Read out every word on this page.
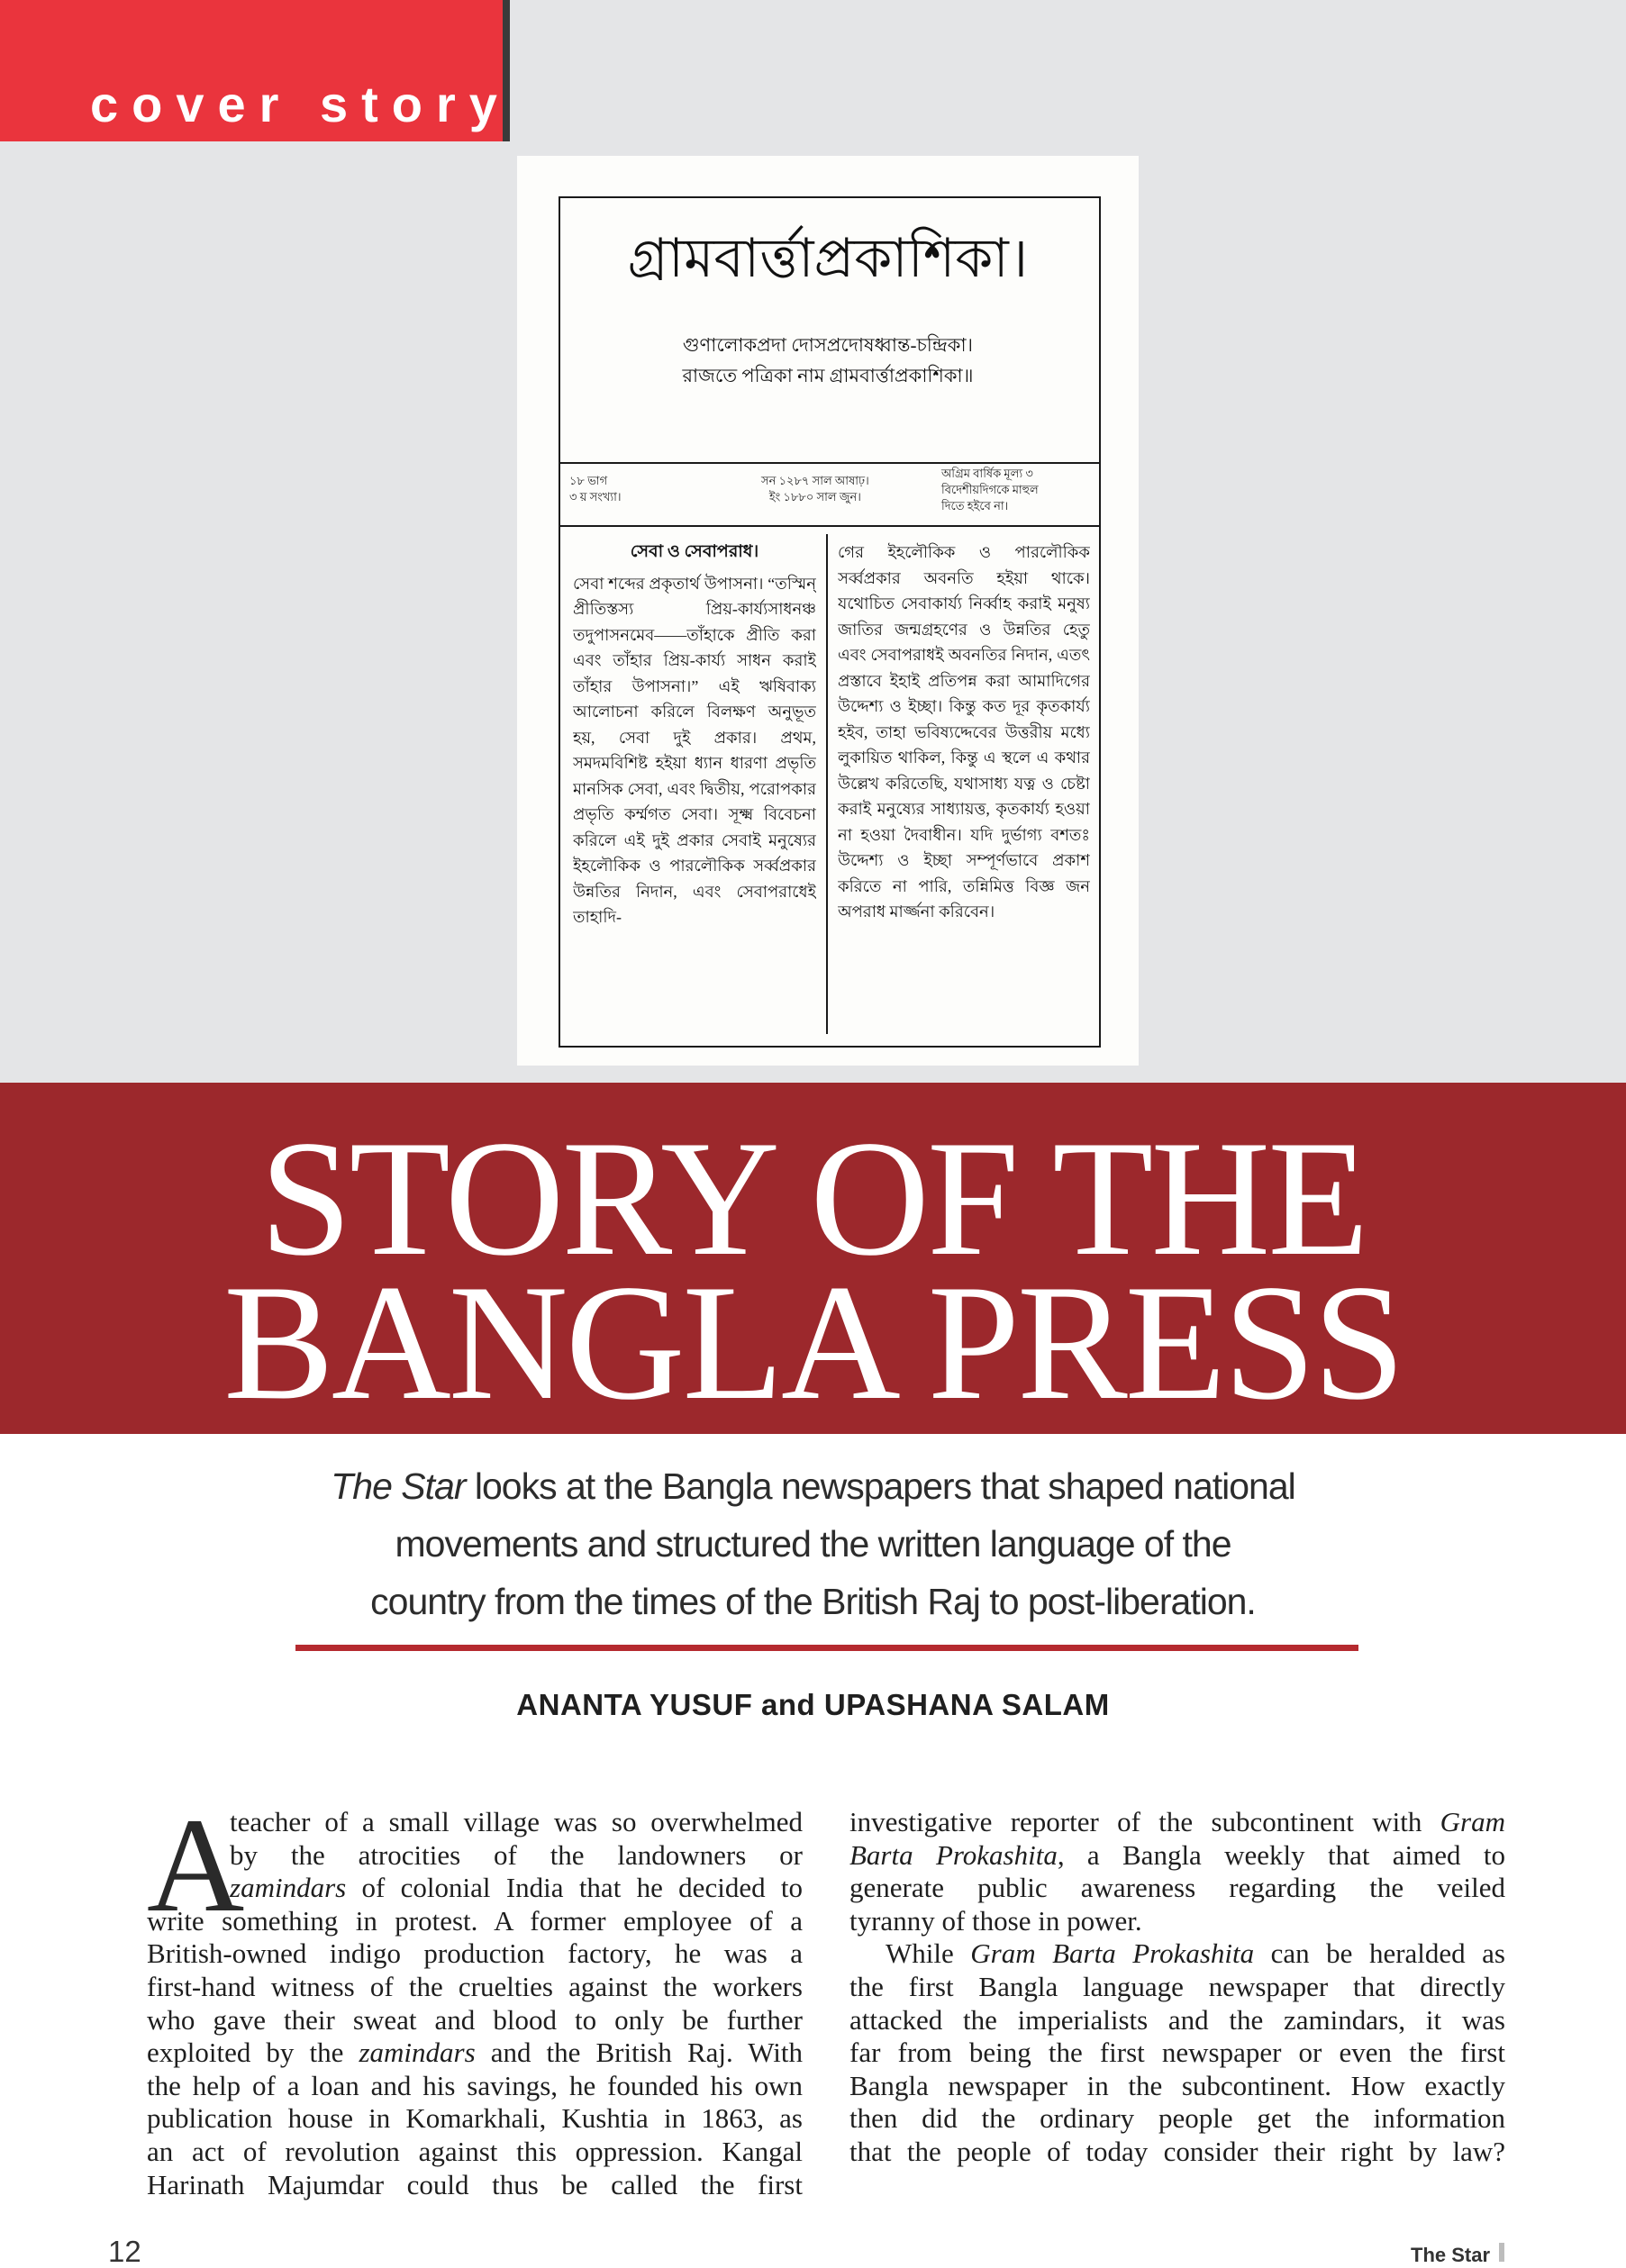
cover story
গ্রামবার্ত্তাপ্রকাশিকা।
গুণালোকপ্রদা দোসপ্রদোষধ্বান্ত-চন্দ্রিকা।
রাজতে পত্রিকা নাম গ্রামবার্ত্তাপ্রকাশিকা॥
১৮ ভাগ
৩ য় সংখ্যা।
সন ১২৮৭ সাল আষাঢ়।
ইং ১৮৮০ সাল জুন।
অগ্রিম বার্ষিক মূল্য ৩
বিদেশীয়দিগকে মাহুল
দিতে হইবে না।
সেবা ও সেবাপরাধ।
সেবা শব্দের প্রকৃতার্থ উপাসনা। “তস্মিন্ প্রীতিস্তস্য প্রিয়-কার্য্যসাধনঞ্চ তদুপাসনমেব——তাঁহাকে প্রীতি করা এবং তাঁহার প্রিয়-কার্য্য সাধন করাই তাঁহার উপাসনা।” এই ঋষিবাক্য আলোচনা করিলে বিলক্ষণ অনুভূত হয়, সেবা দুই প্রকার। প্রথম, সমদমবিশিষ্ট হইয়া ধ্যান ধারণা প্রভৃতি মানসিক সেবা, এবং দ্বিতীয়, পরোপকার প্রভৃতি কর্ম্মগত সেবা। সূক্ষ্ম বিবেচনা করিলে এই দুই প্রকার সেবাই মনুষ্যের ইহলৌকিক ও পারলৌকিক সর্ব্বপ্রকার উন্নতির নিদান, এবং সেবাপরাধেই তাহাদি-
গের ইহলৌকিক ও পারলৌকিক সর্ব্বপ্রকার অবনতি হইয়া থাকে। যথোচিত সেবাকার্য্য নির্ব্বাহ করাই মনুষ্য জাতির জন্মগ্রহণের ও উন্নতির হেতু এবং সেবাপরাধই অবনতির নিদান, এতৎ প্রস্তাবে ইহাই প্রতিপন্ন করা আমাদিগের উদ্দেশ্য ও ইচ্ছা। কিন্তু কত দূর কৃতকার্য্য হইব, তাহা ভবিষ্যদ্দেবের উত্তরীয় মধ্যে লুকায়িত থাকিল, কিন্তু এ স্থলে এ কথার উল্লেখ করিতেছি, যথাসাধ্য যত্ন ও চেষ্টা করাই মনুষ্যের সাধ্যায়ত্ত, কৃতকার্য্য হওয়া না হওয়া দৈবাধীন। যদি দুর্ভাগ্য বশতঃ উদ্দেশ্য ও ইচ্ছা সম্পূর্ণভাবে প্রকাশ করিতে না পারি, তন্নিমিত্ত বিজ্ঞ জন অপরাধ মার্জ্জনা করিবেন।
STORY OF THE
BANGLA PRESS
The Star looks at the Bangla newspapers that shaped national
movements and structured the written language of the
country from the times of the British Raj to post-liberation.
ANANTA YUSUF and UPASHANA SALAM
A
teacher of a small village was so overwhelmed
by the atrocities of the landowners or
zamindars of colonial India that he decided to
write something in protest. A former employee of a
British-owned indigo production factory, he was a
first-hand witness of the cruelties against the workers
who gave their sweat and blood to only be further
exploited by the zamindars and the British Raj. With
the help of a loan and his savings, he founded his own
publication house in Komarkhali, Kushtia in 1863, as
an act of revolution against this oppression. Kangal
Harinath Majumdar could thus be called the first
investigative reporter of the subcontinent with Gram
Barta Prokashita, a Bangla weekly that aimed to
generate public awareness regarding the veiled
tyranny of those in power.
While Gram Barta Prokashita can be heralded as
the first Bangla language newspaper that directly
attacked the imperialists and the zamindars, it was
far from being the first newspaper or even the first
Bangla newspaper in the subcontinent. How exactly
then did the ordinary people get the information
that the people of today consider their right by law?
12	The Star
